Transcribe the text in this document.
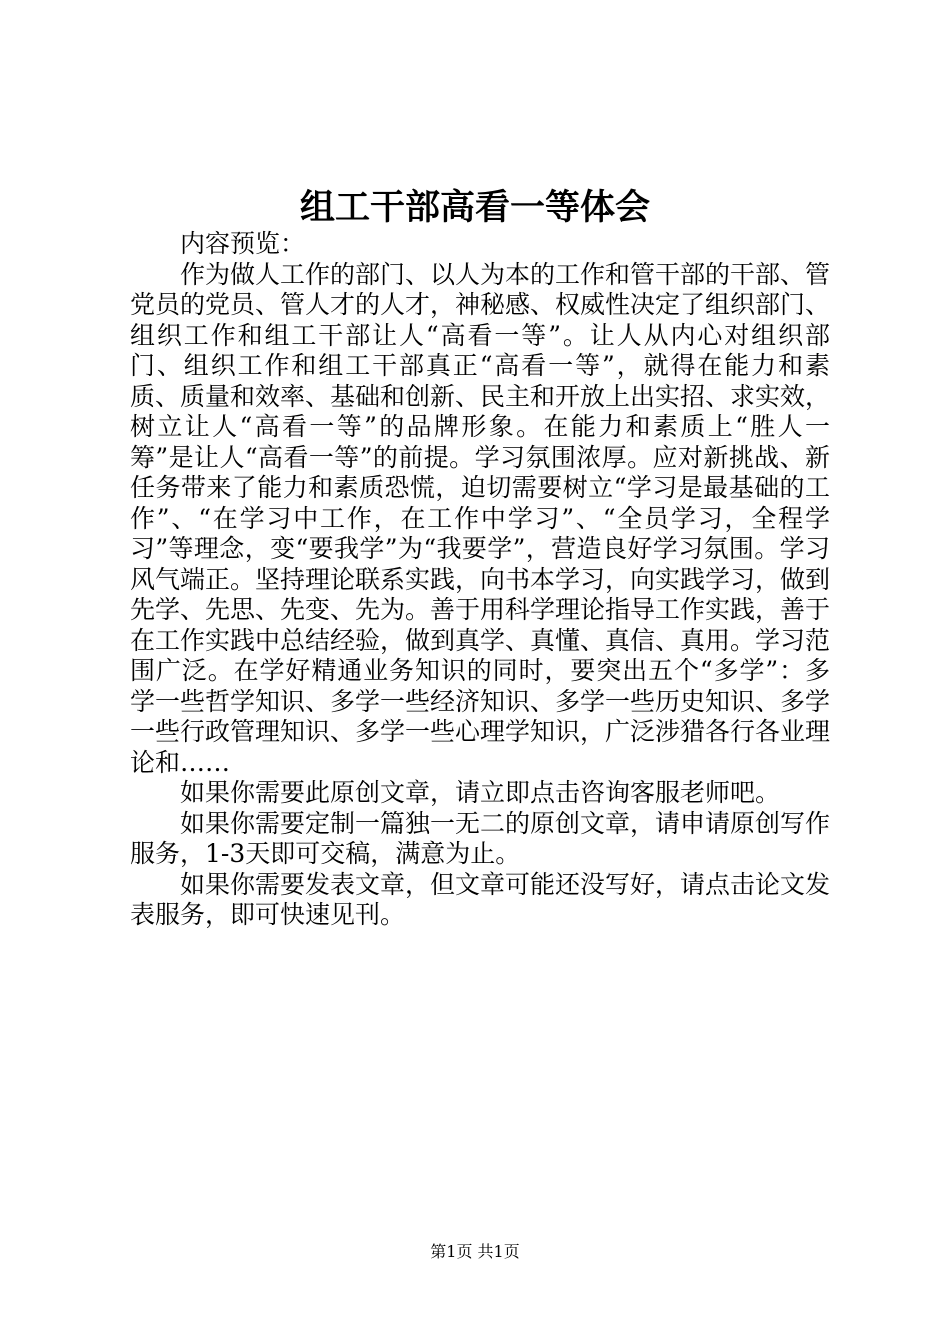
组工干部高看一等体会

内容预览：

作为做人工作的部门、以人为本的工作和管干部的干部、管党员的党员、管人才的人才，神秘感、权威性决定了组织部门、组织工作和组工干部让人“高看一等”。让人从内心对组织部门、组织工作和组工干部真正“高看一等”，就得在能力和素质、质量和效率、基础和创新、民主和开放上出实招、求实效，树立让人“高看一等”的品牌形象。在能力和素质上“胜人一筹”是让人“高看一等”的前提。学习氛围浓厚。应对新挑战、新任务带来了能力和素质恐慌，迫切需要树立“学习是最基础的工作”、“在学习中工作，在工作中学习”、“全员学习，全程学习”等理念，变“要我学”为“我要学”，营造良好学习氛围。学习风气端正。坚持理论联系实践，向书本学习，向实践学习，做到先学、先思、先变、先为。善于用科学理论指导工作实践，善于在工作实践中总结经验，做到真学、真懂、真信、真用。学习范围广泛。在学好精通业务知识的同时，要突出五个“多学”：多学一些哲学知识、多学一些经济知识、多学一些历史知识、多学一些行政管理知识、多学一些心理学知识，广泛涉猎各行各业理论和……

如果你需要此原创文章，请立即点击咨询客服老师吧。

如果你需要定制一篇独一无二的原创文章，请申请原创写作服务，1-3天即可交稿，满意为止。

如果你需要发表文章，但文章可能还没写好，请点击论文发表服务，即可快速见刊。

第1页 共1页
